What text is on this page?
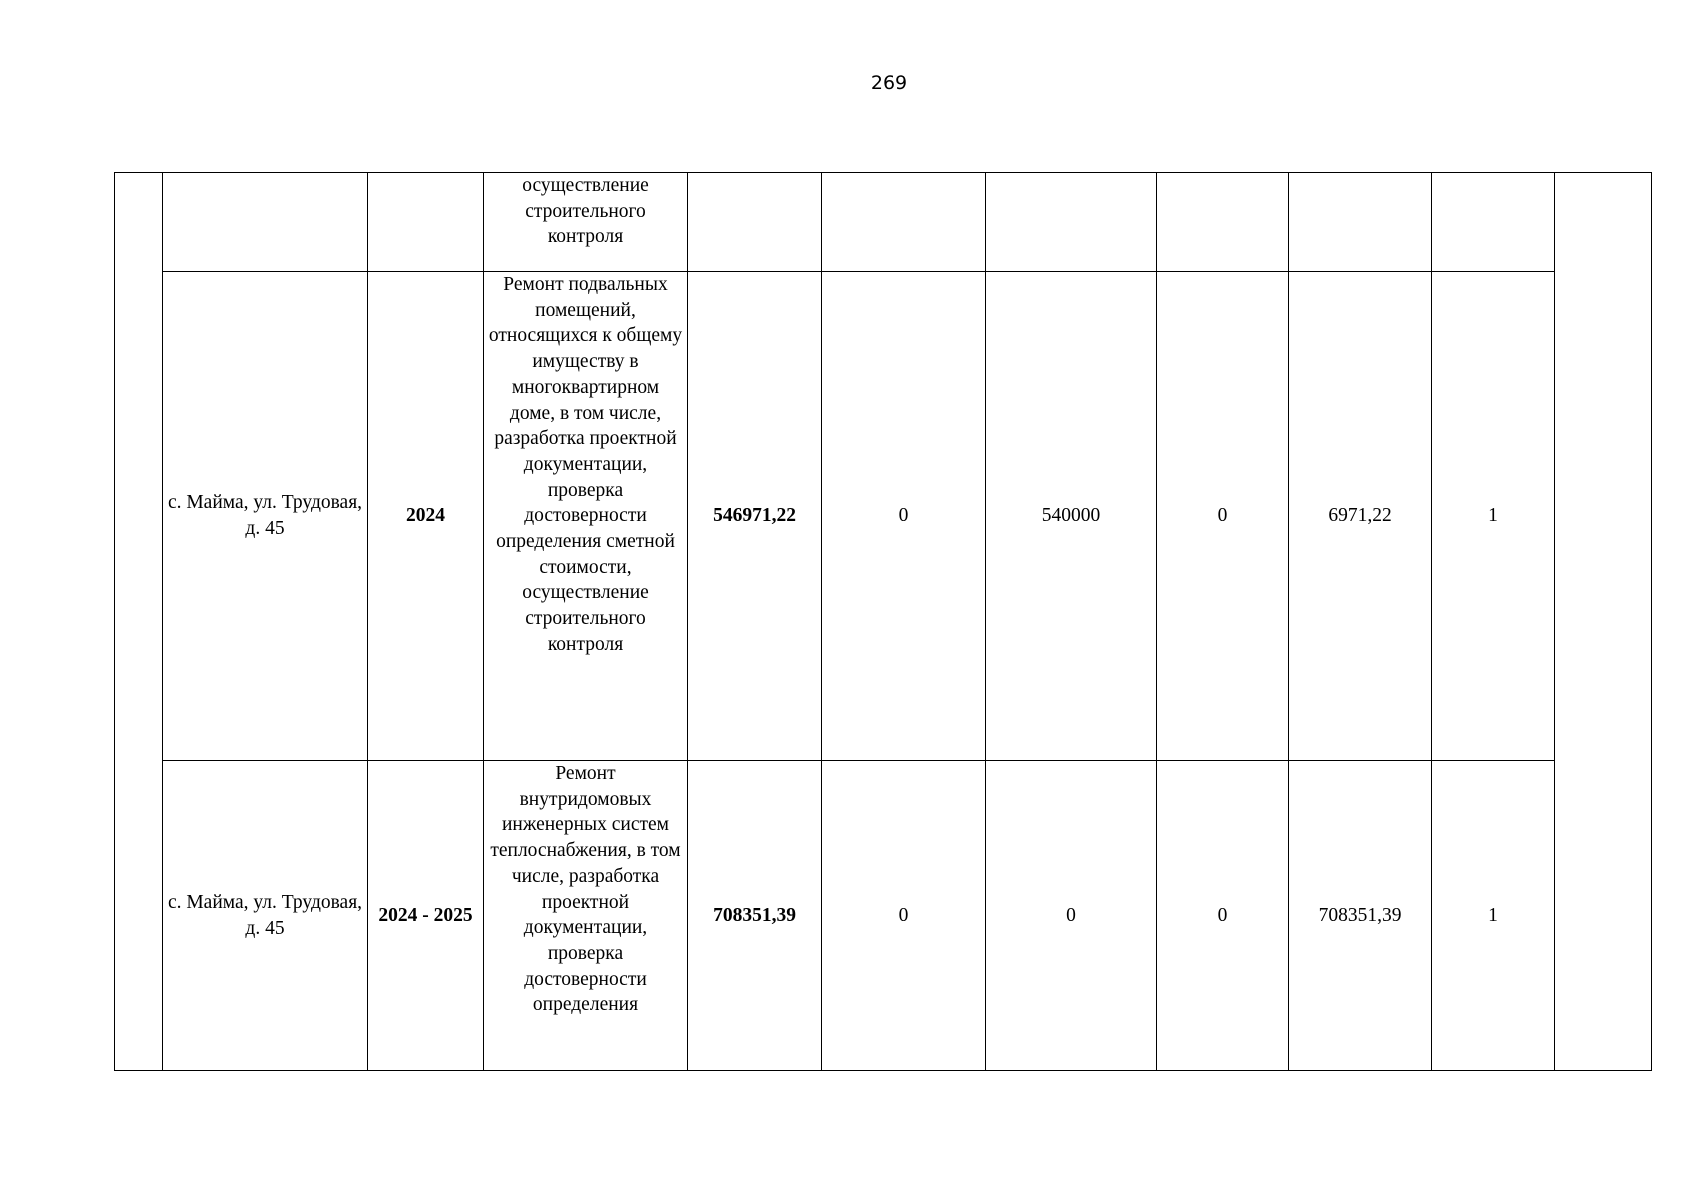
269
			осуществление
строительного
контроля							
	с. Майма, ул. Трудовая, д. 45	2024	Ремонт подвальных помещений, относящихся к общему имуществу в многоквартирном доме, в том числе, разработка проектной документации, проверка достоверности определения сметной стоимости, осуществление строительного контроля	546971,22	0	540000	0	6971,22	1	
	с. Майма, ул. Трудовая, д. 45	2024 - 2025	Ремонт внутридомовых инженерных систем теплоснабжения, в том числе, разработка проектной документации, проверка достоверности определения	708351,39	0	0	0	708351,39	1	
